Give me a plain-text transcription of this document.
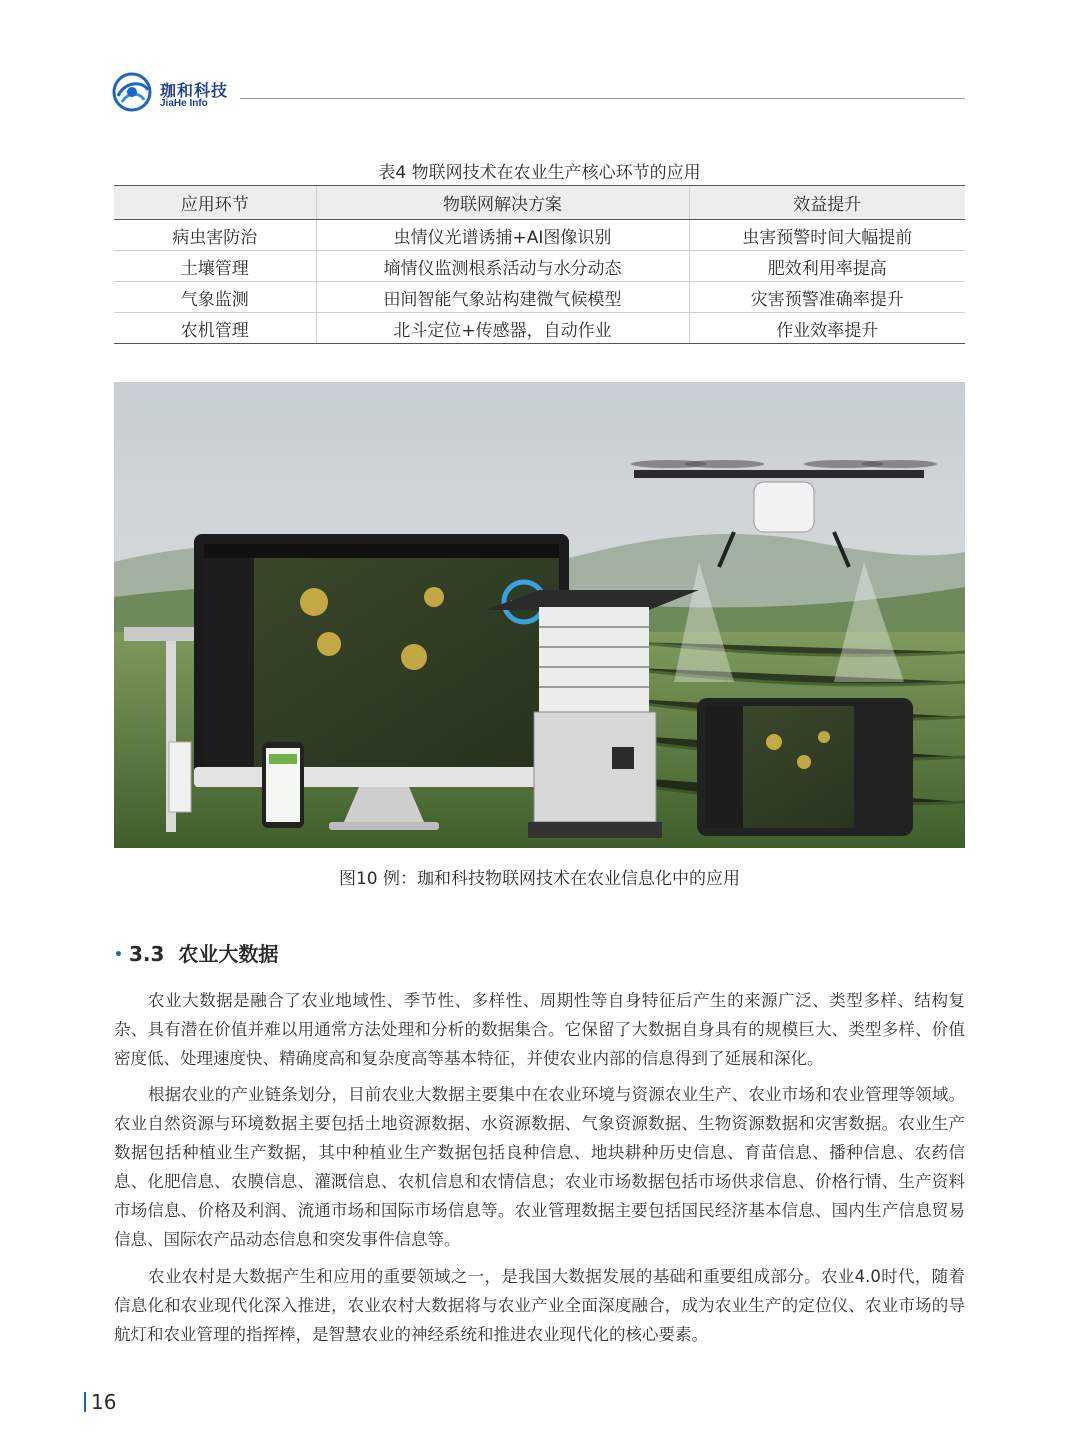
珈和科技
JiaHe Info
表4 物联网技术在农业生产核心环节的应用
应用环节	物联网解决方案	效益提升
病虫害防治	虫情仪光谱诱捕+AI图像识别	虫害预警时间大幅提前
土壤管理	墒情仪监测根系活动与水分动态	肥效利用率提高
气象监测	田间智能气象站构建微气候模型	灾害预警准确率提升
农机管理	北斗定位+传感器，自动作业	作业效率提升
图10 例：珈和科技物联网技术在农业信息化中的应用
• 3.3 农业大数据

农业大数据是融合了农业地域性、季节性、多样性、周期性等自身特征后产生的来源广泛、类型多样、结构复杂、具有潜在价值并难以用通常方法处理和分析的数据集合。它保留了大数据自身具有的规模巨大、类型多样、价值密度低、处理速度快、精确度高和复杂度高等基本特征，并使农业内部的信息得到了延展和深化。

根据农业的产业链条划分，目前农业大数据主要集中在农业环境与资源农业生产、农业市场和农业管理等领域。农业自然资源与环境数据主要包括土地资源数据、水资源数据、气象资源数据、生物资源数据和灾害数据。农业生产数据包括种植业生产数据，其中种植业生产数据包括良种信息、地块耕种历史信息、育苗信息、播种信息、农药信息、化肥信息、农膜信息、灌溉信息、农机信息和农情信息；农业市场数据包括市场供求信息、价格行情、生产资料市场信息、价格及利润、流通市场和国际市场信息等。农业管理数据主要包括国民经济基本信息、国内生产信息贸易信息、国际农产品动态信息和突发事件信息等。

农业农村是大数据产生和应用的重要领域之一，是我国大数据发展的基础和重要组成部分。农业4.0时代，随着信息化和农业现代化深入推进，农业农村大数据将与农业产业全面深度融合，成为农业生产的定位仪、农业市场的导航灯和农业管理的指挥棒，是智慧农业的神经系统和推进农业现代化的核心要素。

16
